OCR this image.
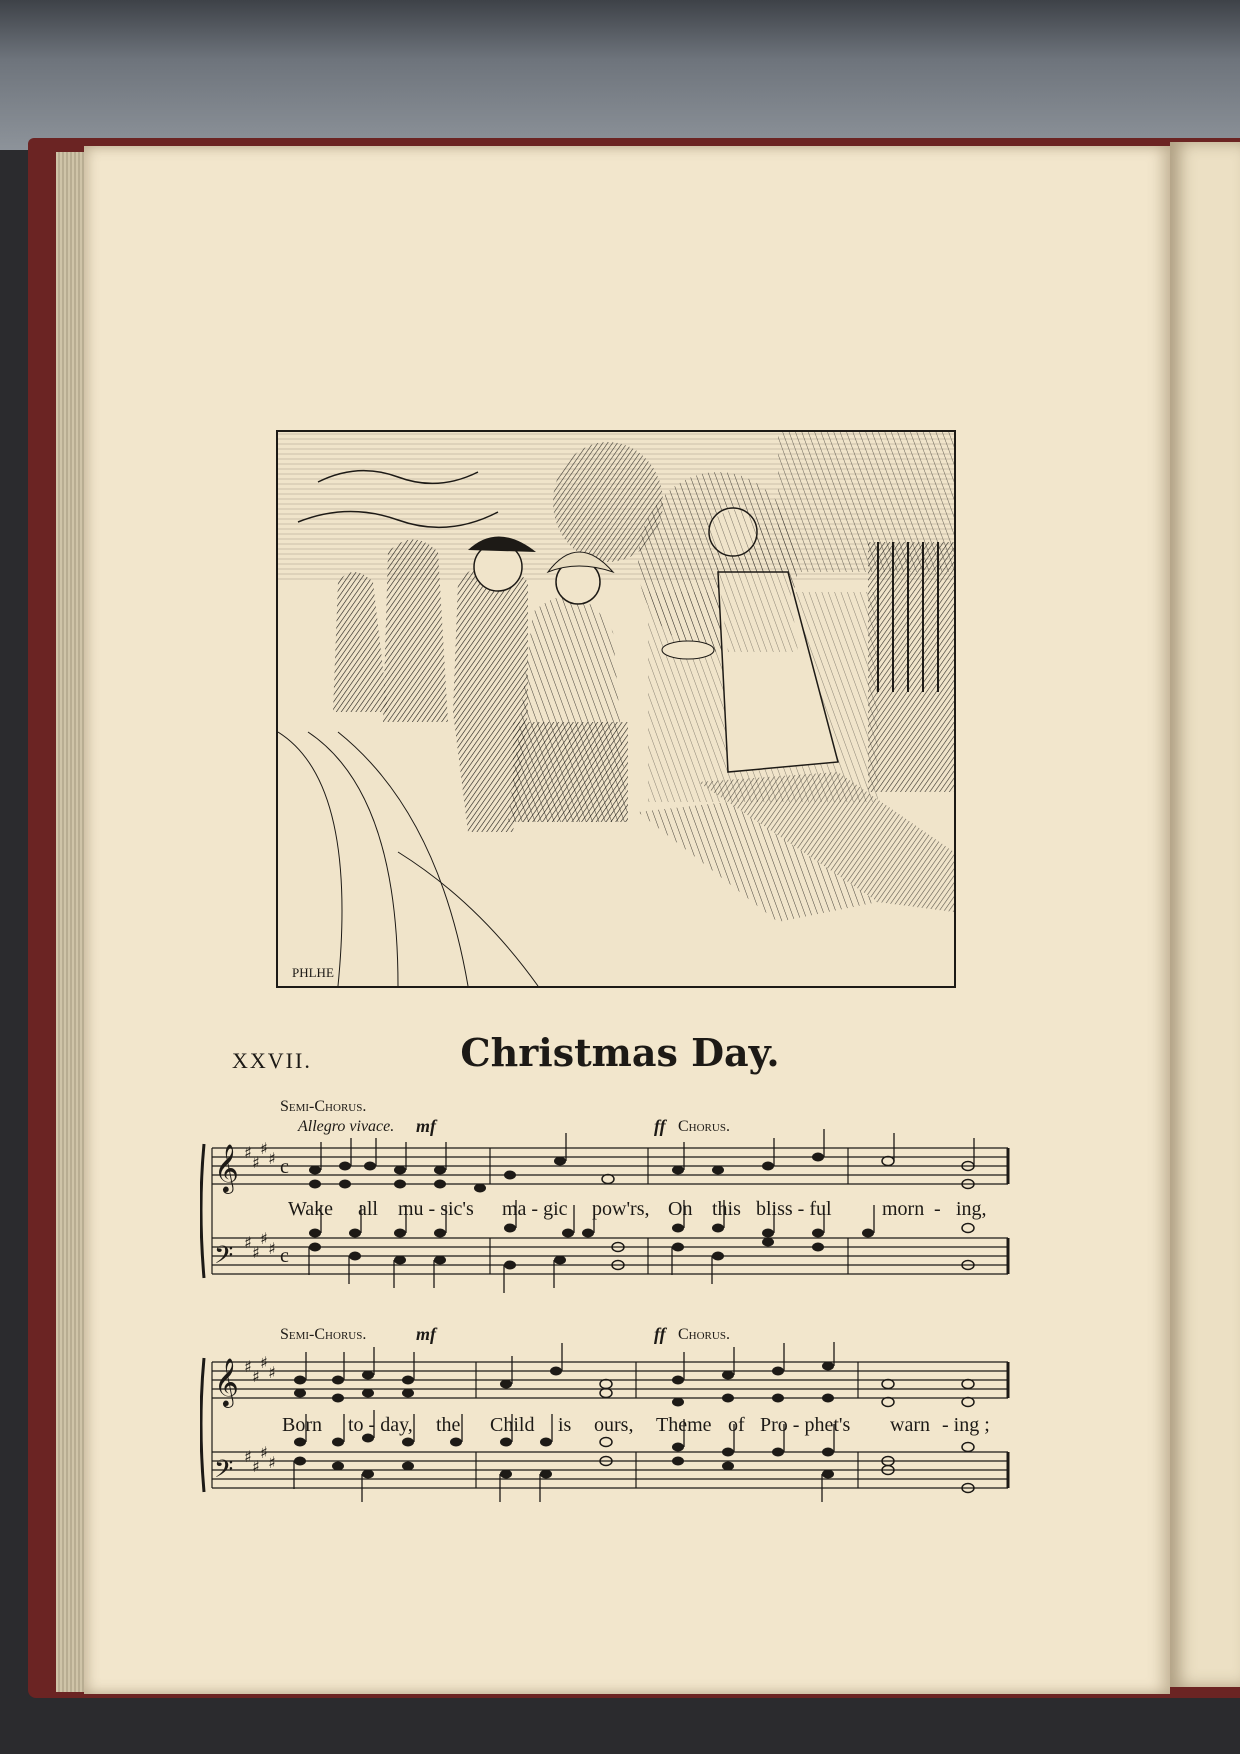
PHLHE
XXVII.	Christmas Day.
Semi-Chorus.
Allegro vivace. mf	ff Chorus.
𝄞
𝄢
♯
♯
♯
♯
♯
♯
♯
♯
c
c
Wake all mu - sic's ma - gic pow'rs, On this bliss - ful	morn - ing,
Semi-Chorus.	mf	ff Chorus.
𝄞
𝄢
♯
♯
♯
♯
♯
♯
♯
♯
Born to - day, the Child is ours, Theme of Pro - phet's warn - ing ;
